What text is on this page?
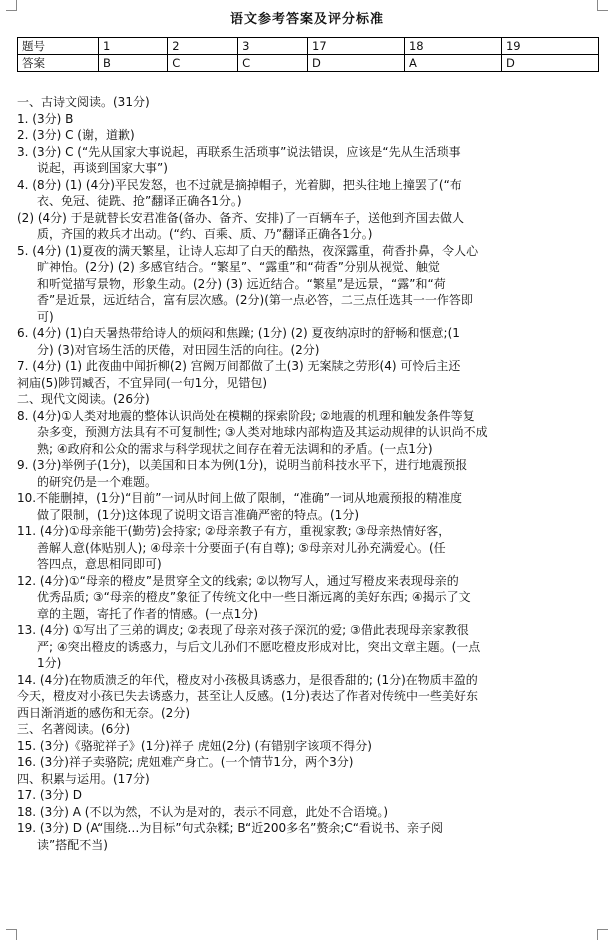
语文参考答案及评分标准
题号	1	2	3	17	18	19
答案	B	C	C	D	A	D
一、古诗文阅读。(31分)
1. (3分) B
2. (3分) C (谢，道歉)
3. (3分) C (“先从国家大事说起，再联系生活琐事”说法错误，应该是“先从生活琐事
说起，再谈到国家大事”)
4. (8分) (1) (4分)平民发怒，也不过就是摘掉帽子，光着脚，把头往地上撞罢了(“布
衣、免冠、徒跣、抢”翻译正确各1分。)
(2) (4分) 于是就替长安君准备(备办、备齐、安排)了一百辆车子，送他到齐国去做人
质，齐国的救兵才出动。(“约、百乘、质、乃”翻译正确各1分。)
5. (4分) (1)夏夜的满天繁星，让诗人忘却了白天的酷热，夜深露重，荷香扑鼻，令人心
旷神怡。(2分) (2) 多感官结合。“繁星”、“露重”和“荷香”分别从视觉、触觉
和听觉描写景物，形象生动。(2分) (3) 远近结合。“繁星”是远景，“露”和“荷
香”是近景，远近结合，富有层次感。(2分)(第一点必答，二三点任选其一一作答即
可)
6. (4分) (1)白天暑热带给诗人的烦闷和焦躁; (1分) (2) 夏夜纳凉时的舒畅和惬意;(1
分) (3)对官场生活的厌倦，对田园生活的向往。(2分)
7. (4分) (1) 此夜曲中闻折柳(2) 宫阙万间都做了土(3) 无案牍之劳形(4) 可怜后主还
祠庙(5)陟罚臧否，不宜异同(一句1分，见错包)
二、现代文阅读。(26分)
8. (4分)①人类对地震的整体认识尚处在模糊的探索阶段; ②地震的机理和触发条件等复
杂多变，预测方法具有不可复制性; ③人类对地球内部构造及其运动规律的认识尚不成
熟; ④政府和公众的需求与科学现状之间存在着无法调和的矛盾。(一点1分)
9. (3分)举例子(1分)，以美国和日本为例(1分)，说明当前科技水平下，进行地震预报
的研究仍是一个难题。
10.不能删掉，(1分)“目前”一词从时间上做了限制，“准确”一词从地震预报的精准度
做了限制，(1分)这体现了说明文语言准确严密的特点。(1分)
11. (4分)①母亲能干(勤劳)会持家; ②母亲教子有方，重视家教; ③母亲热情好客，
善解人意(体贴别人); ④母亲十分要面子(有自尊); ⑤母亲对儿孙充满爱心。(任
答四点，意思相同即可)
12. (4分)①“母亲的橙皮”是贯穿全文的线索; ②以物写人，通过写橙皮来表现母亲的
优秀品质; ③“母亲的橙皮”象征了传统文化中一些日渐远离的美好东西; ④揭示了文
章的主题，寄托了作者的情感。(一点1分)
13. (4分) ①写出了三弟的调皮; ②表现了母亲对孩子深沉的爱; ③借此表现母亲家教很
严; ④突出橙皮的诱惑力，与后文儿孙们不愿吃橙皮形成对比，突出文章主题。(一点
1分)
14. (4分)在物质溃乏的年代，橙皮对小孩极具诱惑力，是很香甜的; (1分)在物质丰盈的
今天，橙皮对小孩已失去诱惑力，甚至让人反感。(1分)表达了作者对传统中一些美好东
西日渐消逝的感伤和无奈。(2分)
三、名著阅读。(6分)
15. (3分)《骆驼祥子》(1分)祥子 虎妞(2分) (有错别字该项不得分)
16. (3分)祥子卖骆院; 虎妞难产身亡。(一个情节1分，两个3分)
四、积累与运用。(17分)
17. (3分) D
18. (3分) A (不以为然，不认为是对的，表示不同意，此处不合语境。)
19. (3分) D (A“围绕…为目标”句式杂糅; B“近200多名”赘余;C“看说书、亲子阅
读”搭配不当)
